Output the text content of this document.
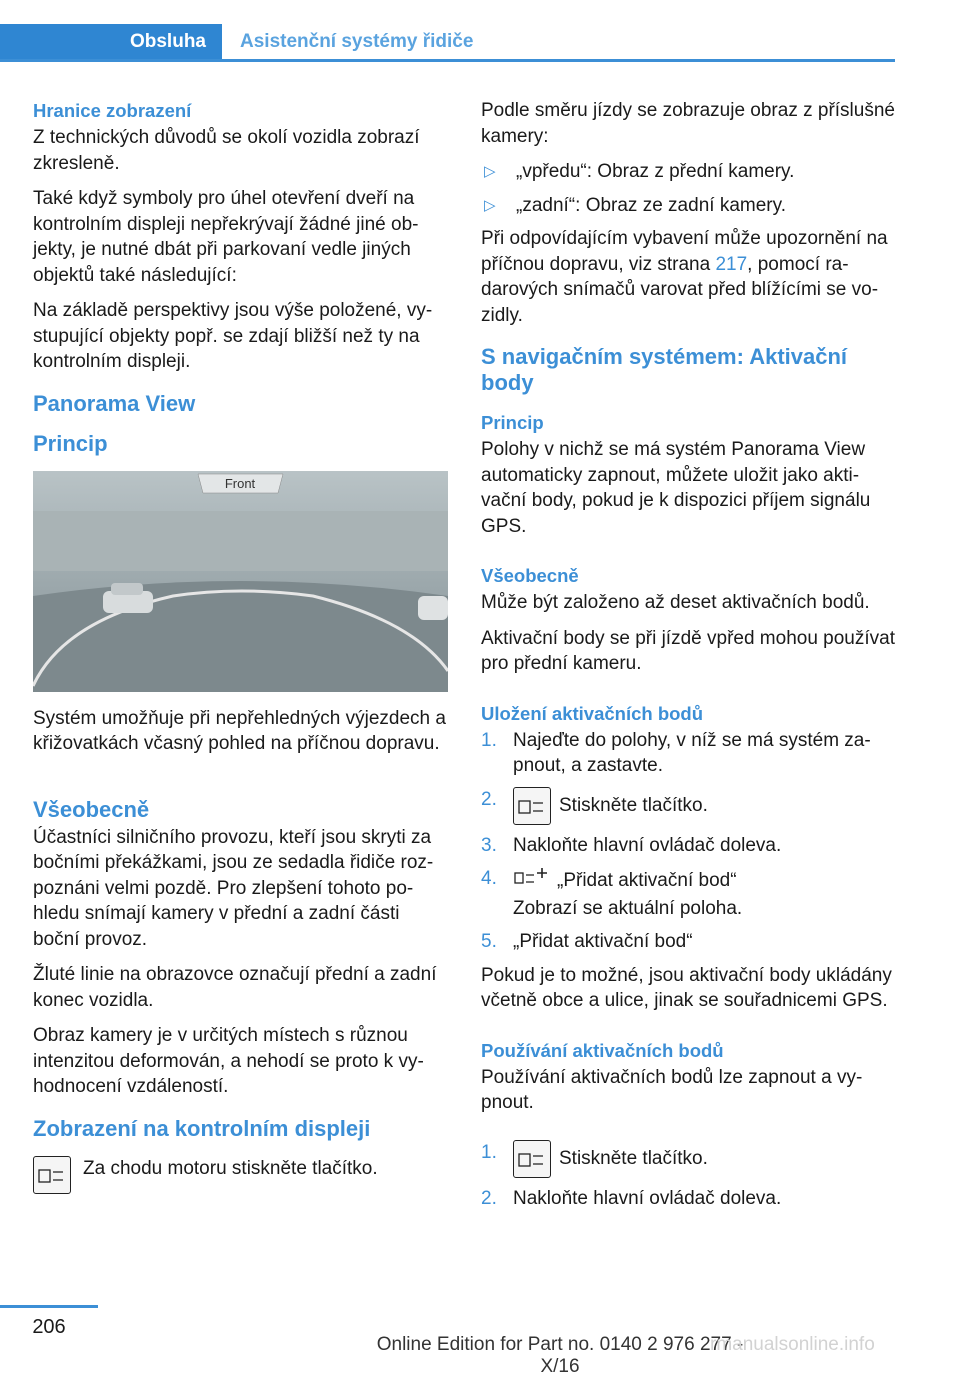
Obsluha	Asistenční systémy řidiče
Hranice zobrazení

Z technických důvodů se okolí vozidla zobrazí zkresleně.

Také když symboly pro úhel otevření dveří na kontrolním displeji nepřekrývají žádné jiné objekty, je nutné dbát při parkovaní vedle jiných objektů také následující:

Na základě perspektivy jsou výše položené, vystupující objekty popř. se zdají bližší než ty na kontrolním displeji.

Panorama View
Princip
Front

Systém umožňuje při nepřehledných výjezdech a křižovatkách včasný pohled na příčnou dopravu.

Všeobecně

Účastníci silničního provozu, kteří jsou skryti za bočními překážkami, jsou ze sedadla řidiče rozpoznáni velmi pozdě. Pro zlepšení tohoto pohledu snímají kamery v přední a zadní části boční provoz.

Žluté linie na obrazovce označují přední a zadní konec vozidla.

Obraz kamery je v určitých místech s různou intenzitou deformován, a nehodí se proto k vyhodnocení vzdáleností.

Zobrazení na kontrolním displeji
Za chodu motoru stiskněte tlačítko.

Podle směru jízdy se zobrazuje obraz z příslušné kamery:

▷	„vpředu“: Obraz z přední kamery.
▷	„zadní“: Obraz ze zadní kamery.

Při odpovídajícím vybavení může upozornění na příčnou dopravu, viz strana 217, pomocí radarových snímačů varovat před blížícími se vozidly.

S navigačním systémem: Aktivační body
Princip

Polohy v nichž se má systém Panorama View automaticky zapnout, můžete uložit jako aktivační body, pokud je k dispozici příjem signálu GPS.

Všeobecně

Může být založeno až deset aktivačních bodů.

Aktivační body se při jízdě vpřed mohou používat pro přední kameru.

Uložení aktivačních bodů
1. Najeďte do polohy, v níž se má systém zapnout, a zastavte.
2.	Stiskněte tlačítko.
3. Nakloňte hlavní ovládač doleva.
4.	„Přidat aktivační bod“
Zobrazí se aktuální poloha.
5. „Přidat aktivační bod“

Pokud je to možné, jsou aktivační body ukládány včetně obce a ulice, jinak se souřadnicemi GPS.

Používání aktivačních bodů

Používání aktivačních bodů lze zapnout a vypnout.

1.	Stiskněte tlačítko.
2. Nakloňte hlavní ovládač doleva.
206
Online Edition for Part no. 0140 2 976 277 - X/16
rmanualsonline.info
